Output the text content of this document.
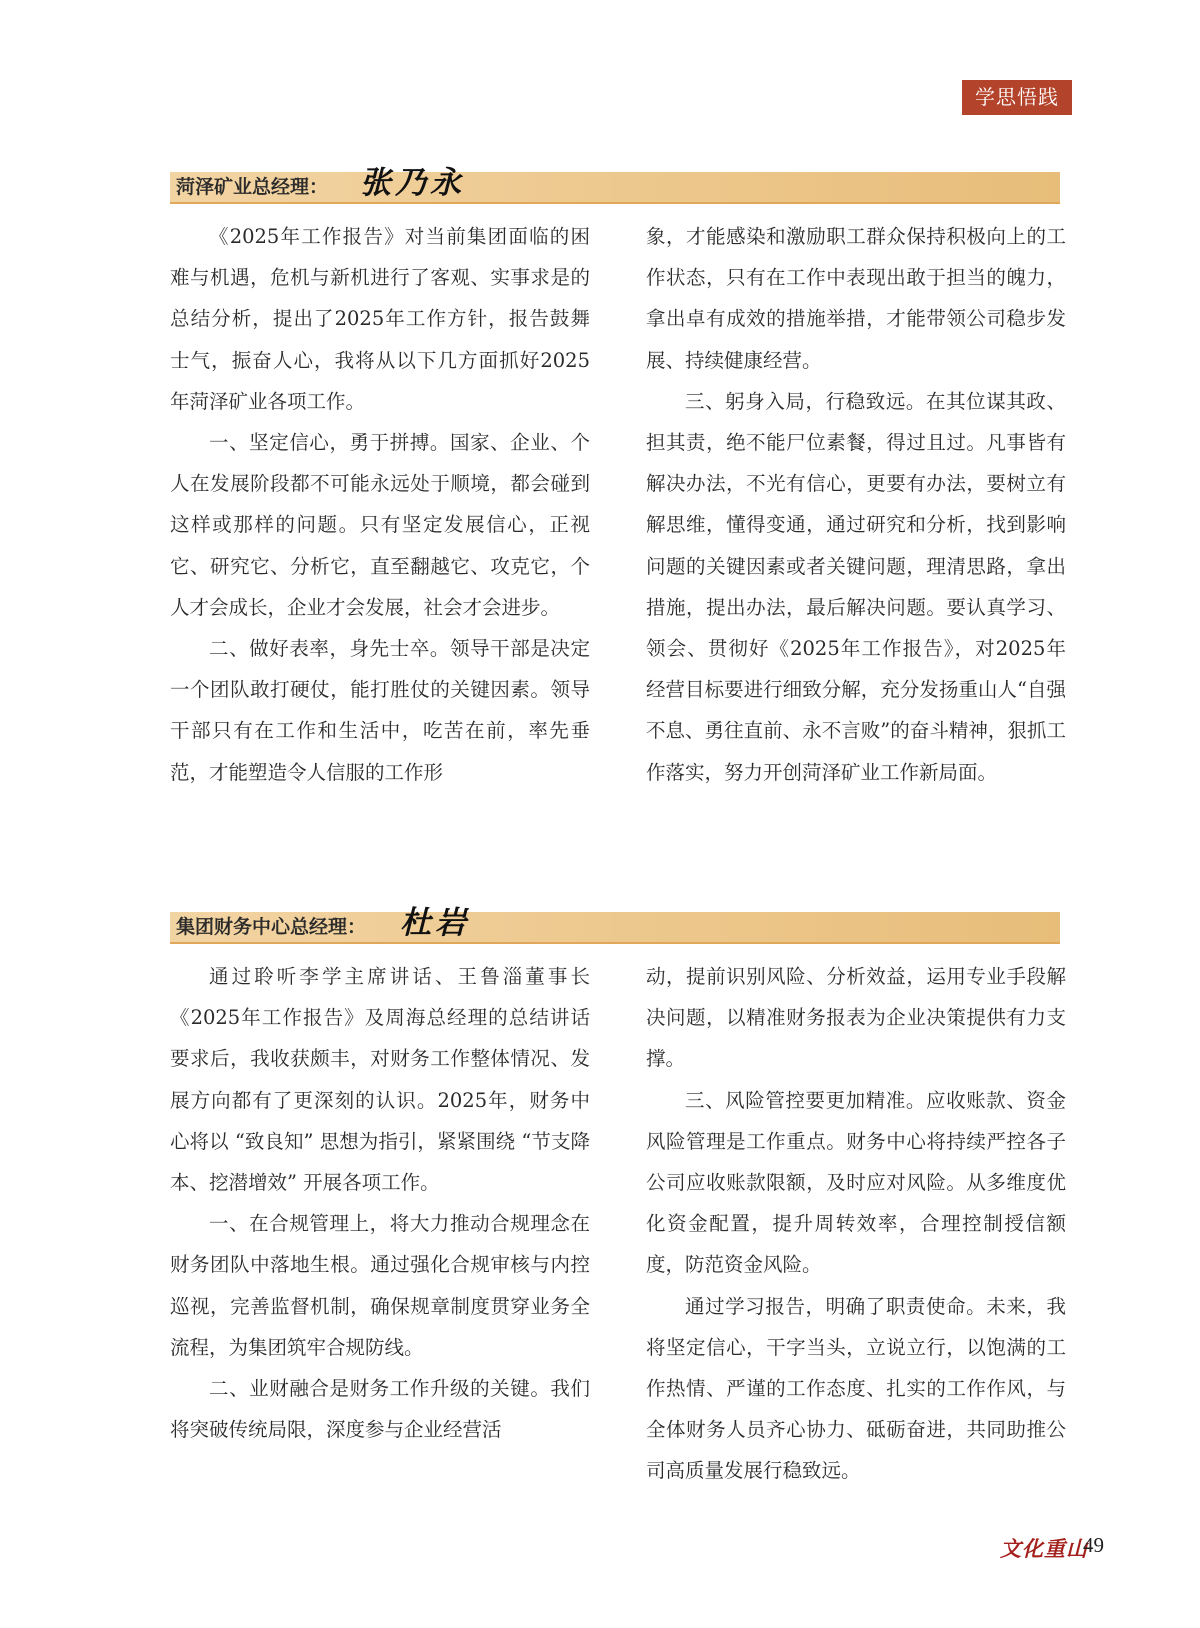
学思悟践
菏泽矿业总经理： 张乃永

《2025年工作报告》对当前集团面临的困难与机遇，危机与新机进行了客观、实事求是的总结分析，提出了2025年工作方针，报告鼓舞士气，振奋人心，我将从以下几方面抓好2025年菏泽矿业各项工作。

一、坚定信心，勇于拼搏。国家、企业、个人在发展阶段都不可能永远处于顺境，都会碰到这样或那样的问题。只有坚定发展信心，正视它、研究它、分析它，直至翻越它、攻克它，个人才会成长，企业才会发展，社会才会进步。

二、做好表率，身先士卒。领导干部是决定一个团队敢打硬仗，能打胜仗的关键因素。领导干部只有在工作和生活中，吃苦在前，率先垂范，才能塑造令人信服的工作形

象，才能感染和激励职工群众保持积极向上的工作状态，只有在工作中表现出敢于担当的魄力，拿出卓有成效的措施举措，才能带领公司稳步发展、持续健康经营。

三、躬身入局，行稳致远。在其位谋其政、担其责，绝不能尸位素餐，得过且过。凡事皆有解决办法，不光有信心，更要有办法，要树立有解思维，懂得变通，通过研究和分析，找到影响问题的关键因素或者关键问题，理清思路，拿出措施，提出办法，最后解决问题。要认真学习、领会、贯彻好《2025年工作报告》，对2025年经营目标要进行细致分解，充分发扬重山人“自强不息、勇往直前、永不言败”的奋斗精神，狠抓工作落实，努力开创菏泽矿业工作新局面。

集团财务中心总经理： 杜岩

通过聆听李学主席讲话、王鲁淄董事长《2025年工作报告》及周海总经理的总结讲话要求后，我收获颇丰，对财务工作整体情况、发展方向都有了更深刻的认识。2025年，财务中心将以 “致良知” 思想为指引，紧紧围绕 “节支降本、挖潜增效” 开展各项工作。

一、在合规管理上，将大力推动合规理念在财务团队中落地生根。通过强化合规审核与内控巡视，完善监督机制，确保规章制度贯穿业务全流程，为集团筑牢合规防线。

二、业财融合是财务工作升级的关键。我们将突破传统局限，深度参与企业经营活

动，提前识别风险、分析效益，运用专业手段解决问题，以精准财务报表为企业决策提供有力支撑。

三、风险管控要更加精准。应收账款、资金风险管理是工作重点。财务中心将持续严控各子公司应收账款限额，及时应对风险。从多维度优化资金配置，提升周转效率，合理控制授信额度，防范资金风险。

通过学习报告，明确了职责使命。未来，我将坚定信心，干字当头，立说立行，以饱满的工作热情、严谨的工作态度、扎实的工作作风，与全体财务人员齐心协力、砥砺奋进，共同助推公司高质量发展行稳致远。

文化重山
49
